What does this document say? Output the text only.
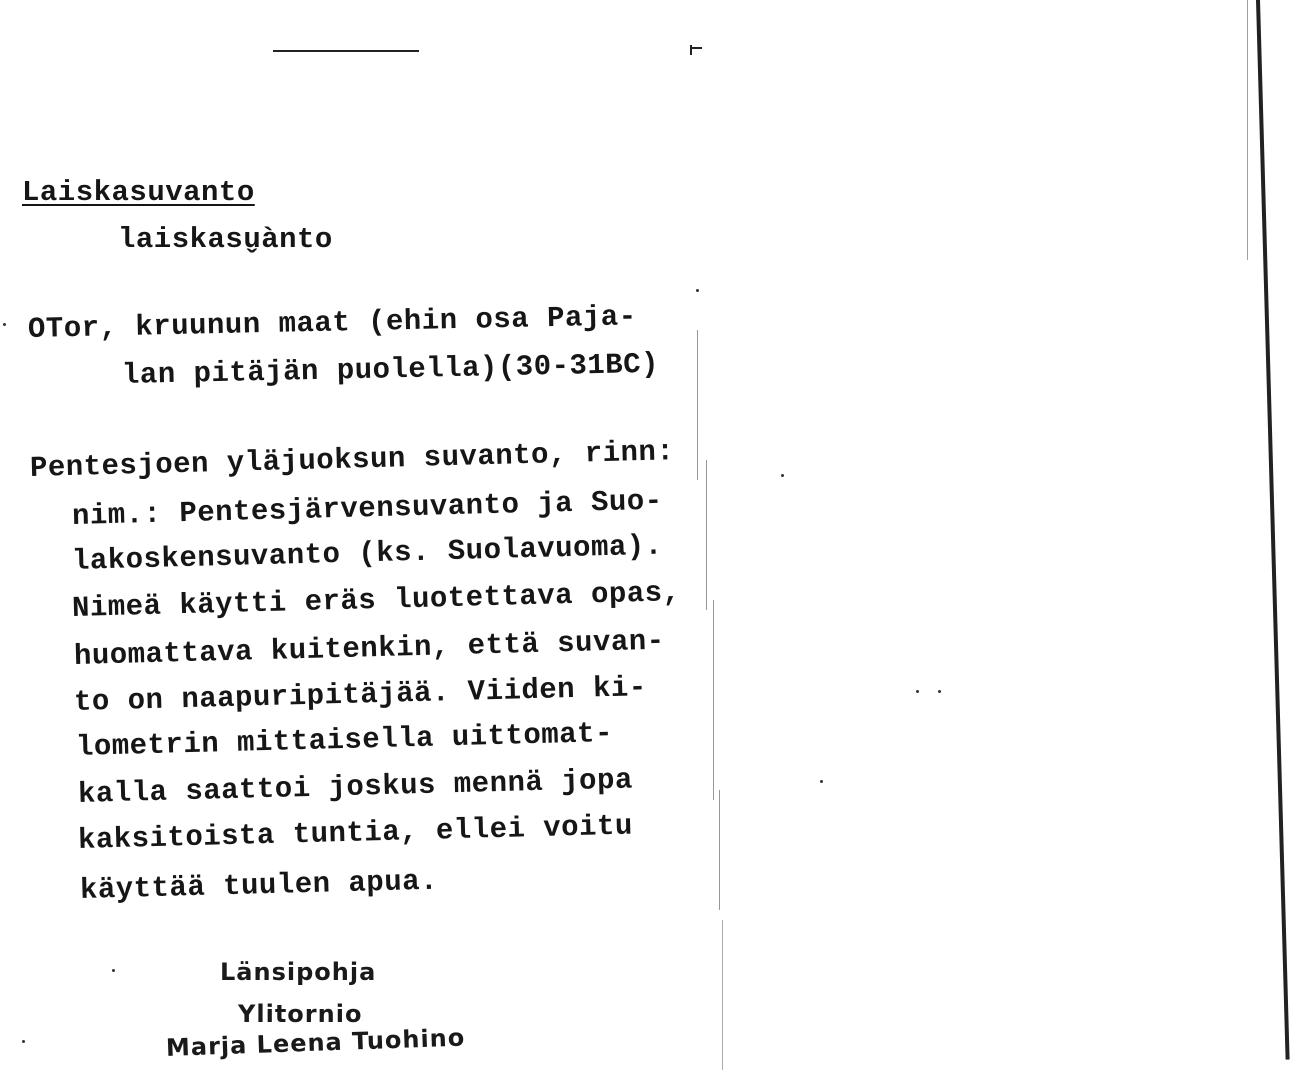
Laiskasuvanto
laiskasu̬ànto
OTor, kruunun maat (ehin osa Paja-
lan pitäjän puolella)(30-31BC)
Pentesjoen yläjuoksun suvanto, rinn:
nim.: Pentesjärvensuvanto ja Suo-
lakoskensuvanto (ks. Suolavuoma).
Nimeä käytti eräs luotettava opas,
huomattava kuitenkin, että suvan-
to on naapuripitäjää. Viiden ki-
lometrin mittaisella uittomat-
kalla saattoi joskus mennä jopa
kaksitoista tuntia, ellei voitu
käyttää tuulen apua.
Länsipohja
Ylitornio
Marja Leena Tuohino
